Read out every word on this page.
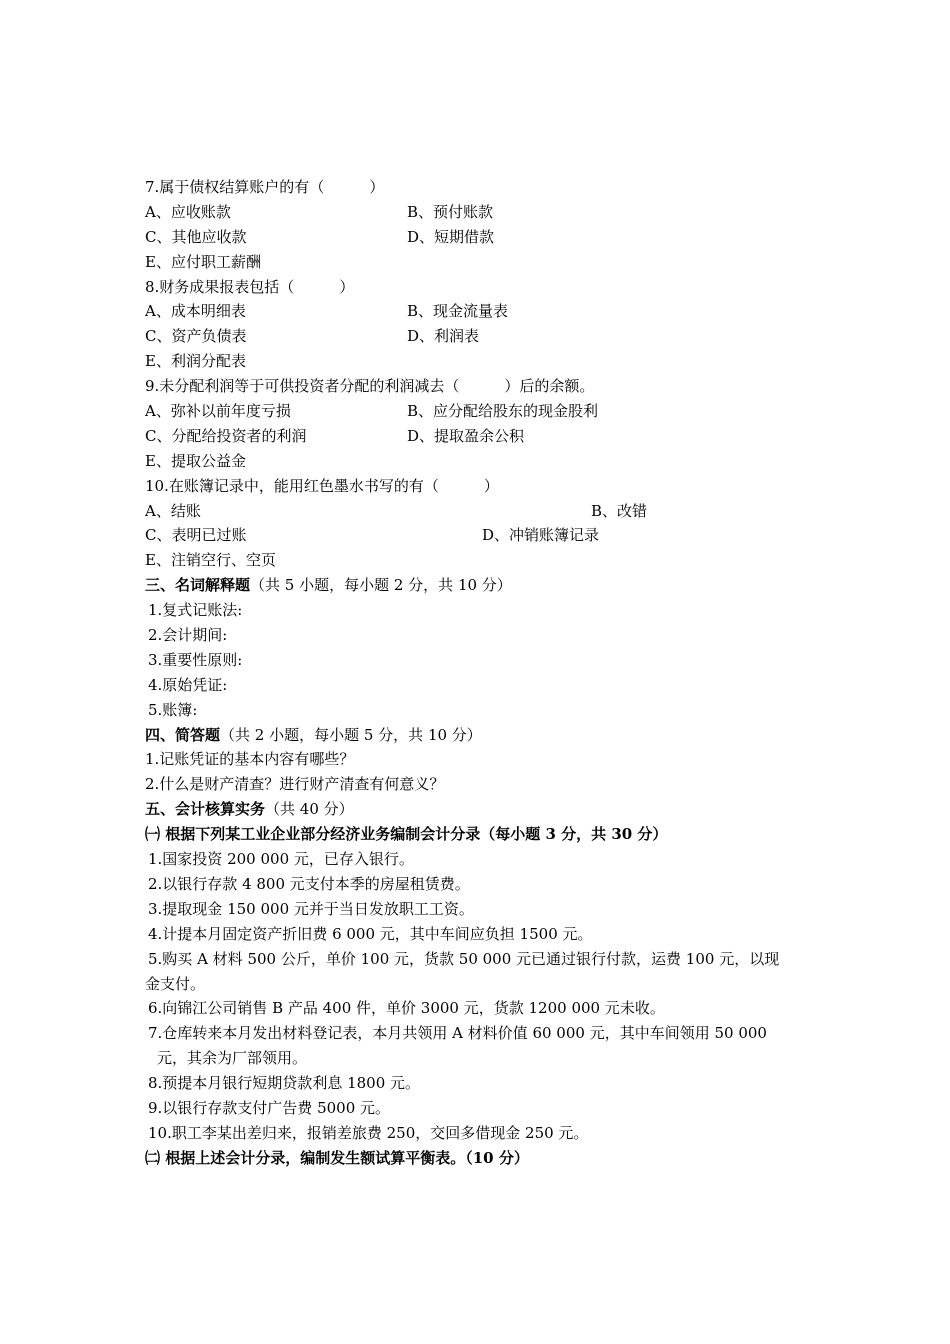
7.属于债权结算账户的有（　　　）
A、应收账款	B、预付账款
C、其他应收款	D、短期借款
E、应付职工薪酬
8.财务成果报表包括（　　　）
A、成本明细表	B、现金流量表
C、资产负债表	D、利润表
E、利润分配表
9.未分配利润等于可供投资者分配的利润减去（　　　）后的余额。
A、弥补以前年度亏损	B、应分配给股东的现金股利
C、分配给投资者的利润	D、提取盈余公积
E、提取公益金
10.在账簿记录中，能用红色墨水书写的有（　　　）
A、结账	B、改错
C、表明已过账	D、冲销账簿记录
E、注销空行、空页
三、名词解释题（共 5 小题，每小题 2 分，共 10 分）
1.复式记账法:
2.会计期间:
3.重要性原则:
4.原始凭证:
5.账簿:
四、简答题（共 2 小题，每小题 5 分，共 10 分）
1.记账凭证的基本内容有哪些？
2.什么是财产清查？进行财产清查有何意义？
五、会计核算实务（共 40 分）
㈠ 根据下列某工业企业部分经济业务编制会计分录（每小题 3 分，共 30 分）
1.国家投资 200 000 元，已存入银行。
2.以银行存款 4 800 元支付本季的房屋租赁费。
3.提取现金 150 000 元并于当日发放职工工资。
4.计提本月固定资产折旧费 6 000 元，其中车间应负担 1500 元。
5.购买 A 材料 500 公斤，单价 100 元，货款 50 000 元已通过银行付款，运费 100 元，以现
金支付。
6.向锦江公司销售 B 产品 400 件，单价 3000 元，货款 1200 000 元未收。
7.仓库转来本月发出材料登记表，本月共领用 A 材料价值 60 000 元，其中车间领用 50 000
元，其余为厂部领用。
8.预提本月银行短期贷款利息 1800 元。
9.以银行存款支付广告费 5000 元。
10.职工李某出差归来，报销差旅费 250，交回多借现金 250 元。
㈡ 根据上述会计分录，编制发生额试算平衡表。（10 分）
